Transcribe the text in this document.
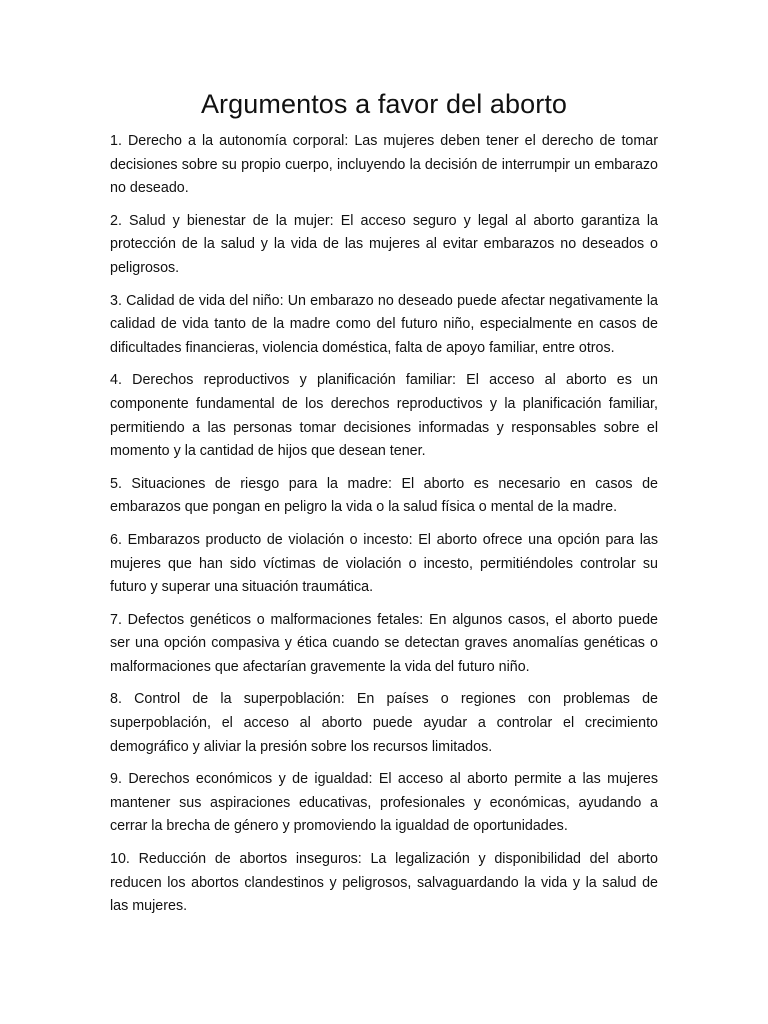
Argumentos a favor del aborto

1. Derecho a la autonomía corporal: Las mujeres deben tener el derecho de tomar decisiones sobre su propio cuerpo, incluyendo la decisión de interrumpir un embarazo no deseado.

2. Salud y bienestar de la mujer: El acceso seguro y legal al aborto garantiza la protección de la salud y la vida de las mujeres al evitar embarazos no deseados o peligrosos.

3. Calidad de vida del niño: Un embarazo no deseado puede afectar negativamente la calidad de vida tanto de la madre como del futuro niño, especialmente en casos de dificultades financieras, violencia doméstica, falta de apoyo familiar, entre otros.

4. Derechos reproductivos y planificación familiar: El acceso al aborto es un componente fundamental de los derechos reproductivos y la planificación familiar, permitiendo a las personas tomar decisiones informadas y responsables sobre el momento y la cantidad de hijos que desean tener.

5. Situaciones de riesgo para la madre: El aborto es necesario en casos de embarazos que pongan en peligro la vida o la salud física o mental de la madre.

6. Embarazos producto de violación o incesto: El aborto ofrece una opción para las mujeres que han sido víctimas de violación o incesto, permitiéndoles controlar su futuro y superar una situación traumática.

7. Defectos genéticos o malformaciones fetales: En algunos casos, el aborto puede ser una opción compasiva y ética cuando se detectan graves anomalías genéticas o malformaciones que afectarían gravemente la vida del futuro niño.

8. Control de la superpoblación: En países o regiones con problemas de superpoblación, el acceso al aborto puede ayudar a controlar el crecimiento demográfico y aliviar la presión sobre los recursos limitados.

9. Derechos económicos y de igualdad: El acceso al aborto permite a las mujeres mantener sus aspiraciones educativas, profesionales y económicas, ayudando a cerrar la brecha de género y promoviendo la igualdad de oportunidades.

10. Reducción de abortos inseguros: La legalización y disponibilidad del aborto reducen los abortos clandestinos y peligrosos, salvaguardando la vida y la salud de las mujeres.
